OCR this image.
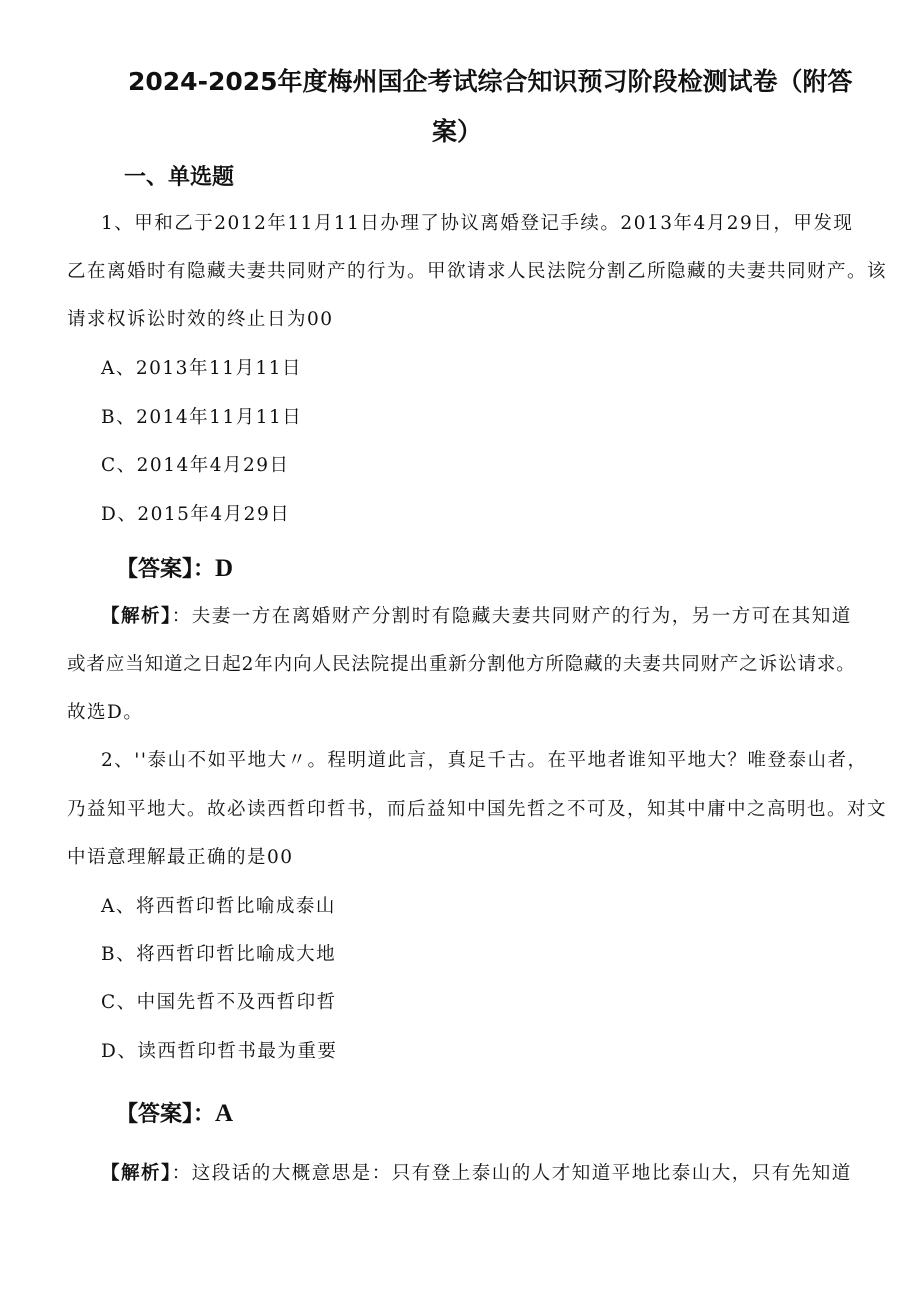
2024-2025年度梅州国企考试综合知识预习阶段检测试卷（附答
案）
一、单选题
1、甲和乙于2012年11月11日办理了协议离婚登记手续。2013年4月29日，甲发现
乙在离婚时有隐藏夫妻共同财产的行为。甲欲请求人民法院分割乙所隐藏的夫妻共同财产。该
请求权诉讼时效的终止日为00
A、2013年11月11日
B、2014年11月11日
C、2014年4月29日
D、2015年4月29日
【答案】：D
【解析】：夫妻一方在离婚财产分割时有隐藏夫妻共同财产的行为，另一方可在其知道
或者应当知道之日起2年内向人民法院提出重新分割他方所隐藏的夫妻共同财产之诉讼请求。
故选D。
2、''泰山不如平地大〃。程明道此言，真足千古。在平地者谁知平地大？唯登泰山者，
乃益知平地大。故必读西哲印哲书，而后益知中国先哲之不可及，知其中庸中之高明也。对文
中语意理解最正确的是00
A、将西哲印哲比喻成泰山
B、将西哲印哲比喻成大地
C、中国先哲不及西哲印哲
D、读西哲印哲书最为重要
【答案】：A
【解析】：这段话的大概意思是：只有登上泰山的人才知道平地比泰山大，只有先知道
